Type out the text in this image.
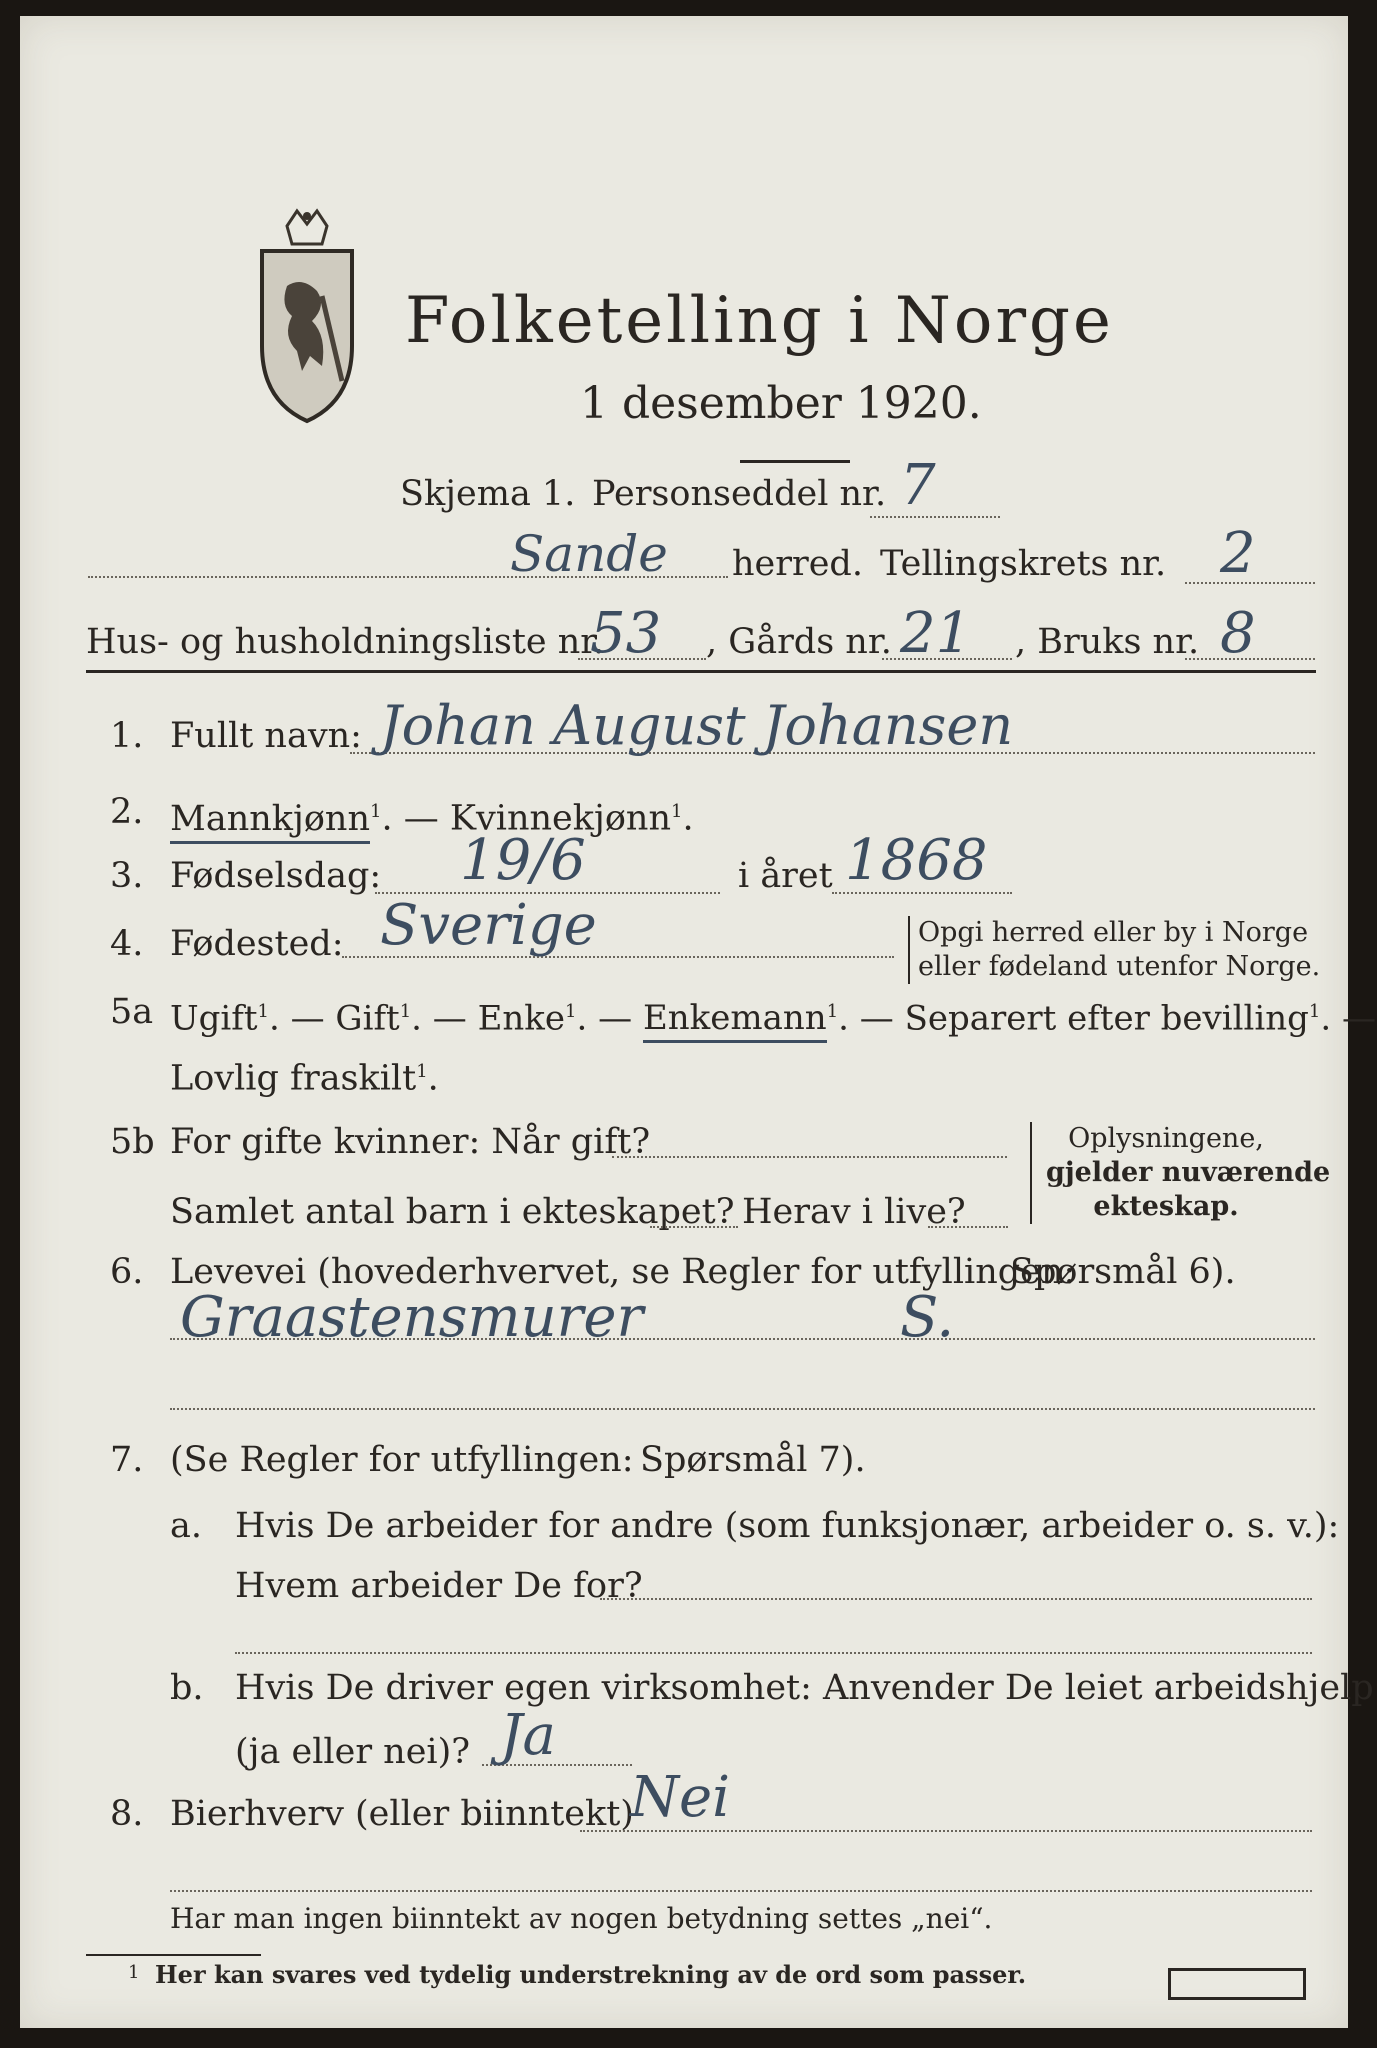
Folketelling i Norge
1 desember 1920.
Skjema 1. Personseddel nr. 7
Sande herred. Tellingskrets nr. 2
Hus- og husholdningsliste nr.
53 , Gårds nr. 21 , Bruks nr. 8
1. Fullt navn: Johan August Johansen
2. Mannkjønn$^1$. — Kvinnekjønn$^1$.
3. Fødselsdag: 19/6	i året 1868
4. Fødested: Sverige	Opgi herred eller by i Norge
eller fødeland utenfor Norge.
5a Ugift$^1$. — Gift$^1$. — Enke$^1$. — Enkemann$^1$. — Separert efter bevilling$^1$. —
Lovlig fraskilt$^1$.
5b For gifte kvinner: Når gift?
Samlet antal barn i ekteskapet? Herav i live?
Oplysningene,
gjelder nuværende
ekteskap.
6. Levevei (hovederhvervet, se Regler for utfyllingen:
Spørsmål 6).
Graastensmurer	S.
7. (Se Regler for utfyllingen: Spørsmål 7).
a. Hvis De arbeider for andre (som funksjonær, arbeider o. s. v.):
Hvem arbeider De for?
b. Hvis De driver egen virksomhet: Anvender De leiet arbeidshjelp
(ja eller nei)? Ja
8. Bierhverv (eller biinntekt)
Nei
Har man ingen biinntekt av nogen betydning settes „nei“.
1 Her kan svares ved tydelig understrekning av de ord som passer.
